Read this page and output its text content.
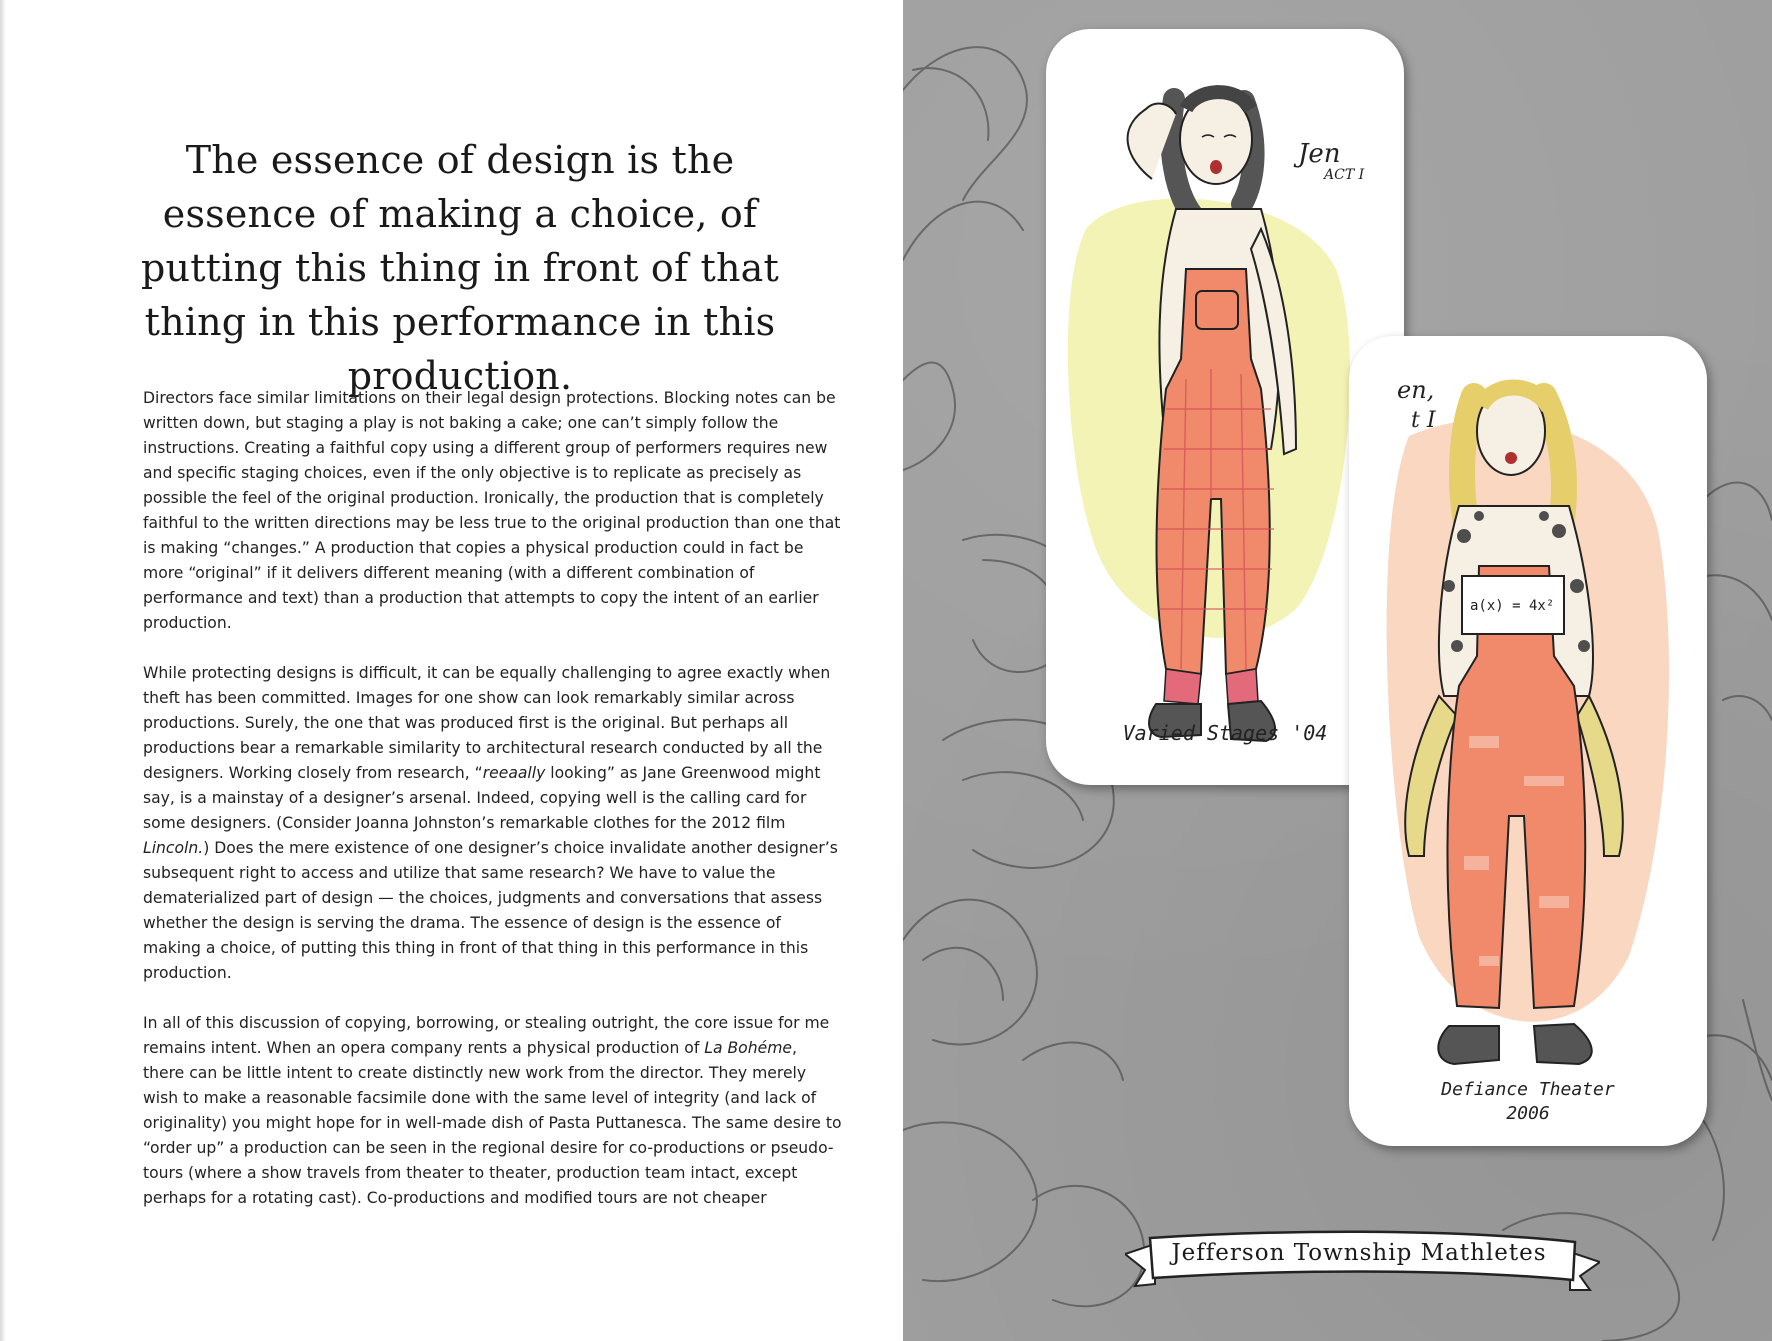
The essence of design is the essence of making a choice, of putting this thing in front of that thing in this performance in this production.

Directors face similar limitations on their legal design protections. Blocking notes can be written down, but staging a play is not baking a cake; one can’t simply follow the instructions. Creating a faithful copy using a different group of performers requires new and specific staging choices, even if the only objective is to replicate as precisely as possible the feel of the original production. Ironically, the production that is completely faithful to the written directions may be less true to the original production than one that is making “changes.” A production that copies a physical production could in fact be more “original” if it delivers different meaning (with a different combination of performance and text) than a production that attempts to copy the intent of an earlier production.

While protecting designs is difficult, it can be equally challenging to agree exactly when theft has been committed. Images for one show can look remarkably similar across productions. Surely, the one that was produced first is the original. But perhaps all productions bear a remarkable similarity to architectural research conducted by all the designers. Working closely from research, “reeaally looking” as Jane Greenwood might say, is a mainstay of a designer’s arsenal. Indeed, copying well is the calling card for some designers. (Consider Joanna Johnston’s remarkable clothes for the 2012 film Lincoln.) Does the mere existence of one designer’s choice invalidate another designer’s subsequent right to access and utilize that same research? We have to value the dematerialized part of design — the choices, judgments and conversations that assess whether the design is serving the drama. The essence of design is the essence of making a choice, of putting this thing in front of that thing in this performance in this production.

In all of this discussion of copying, borrowing, or stealing outright, the core issue for me remains intent. When an opera company rents a physical production of La Bohéme, there can be little intent to create distinctly new work from the director. They merely wish to make a reasonable facsimile done with the same level of integrity (and lack of originality) you might hope for in well-made dish of Pasta Puttanesca. The same desire to “order up” a production can be seen in the regional desire for co-productions or pseudo-tours (where a show travels from theater to theater, production team intact, except perhaps for a rotating cast). Co-productions and modified tours are not cheaper

Jen
ACT I
Varied Stages '04
a(x) = 4x²
en,
t I
Defiance Theater
2006
Jefferson Township Mathletes
